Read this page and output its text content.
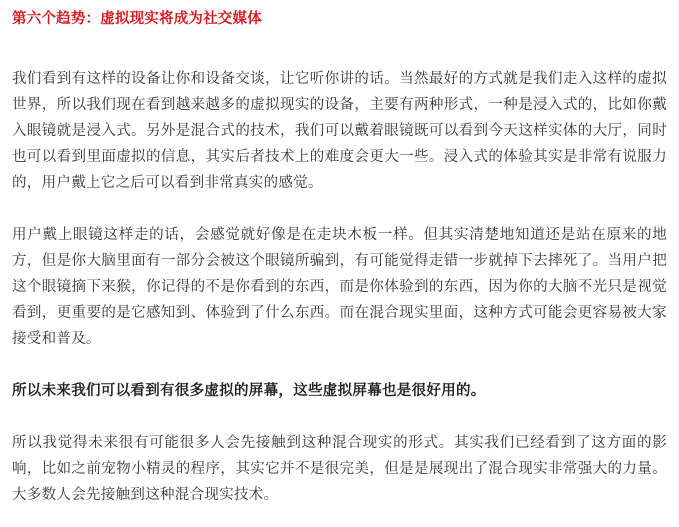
第六个趋势：虚拟现实将成为社交媒体

我们看到有这样的设备让你和设备交谈，让它听你讲的话。当然最好的方式就是我们走入这样的虚拟世界，所以我们现在看到越来越多的虚拟现实的设备，主要有两种形式，一种是浸入式的，比如你戴入眼镜就是浸入式。另外是混合式的技术，我们可以戴着眼镜既可以看到今天这样实体的大厅，同时也可以看到里面虚拟的信息，其实后者技术上的难度会更大一些。浸入式的体验其实是非常有说服力的，用户戴上它之后可以看到非常真实的感觉。

用户戴上眼镜这样走的话，会感觉就好像是在走块木板一样。但其实清楚地知道还是站在原来的地方，但是你大脑里面有一部分会被这个眼镜所骗到，有可能觉得走错一步就掉下去摔死了。当用户把这个眼镜摘下来猴，你记得的不是你看到的东西，而是你体验到的东西，因为你的大脑不光只是视觉看到，更重要的是它感知到、体验到了什么东西。而在混合现实里面，这种方式可能会更容易被大家接受和普及。

所以未来我们可以看到有很多虚拟的屏幕，这些虚拟屏幕也是很好用的。

所以我觉得未来很有可能很多人会先接触到这种混合现实的形式。其实我们已经看到了这方面的影响，比如之前宠物小精灵的程序，其实它并不是很完美，但是是展现出了混合现实非常强大的力量。大多数人会先接触到这种混合现实技术。
